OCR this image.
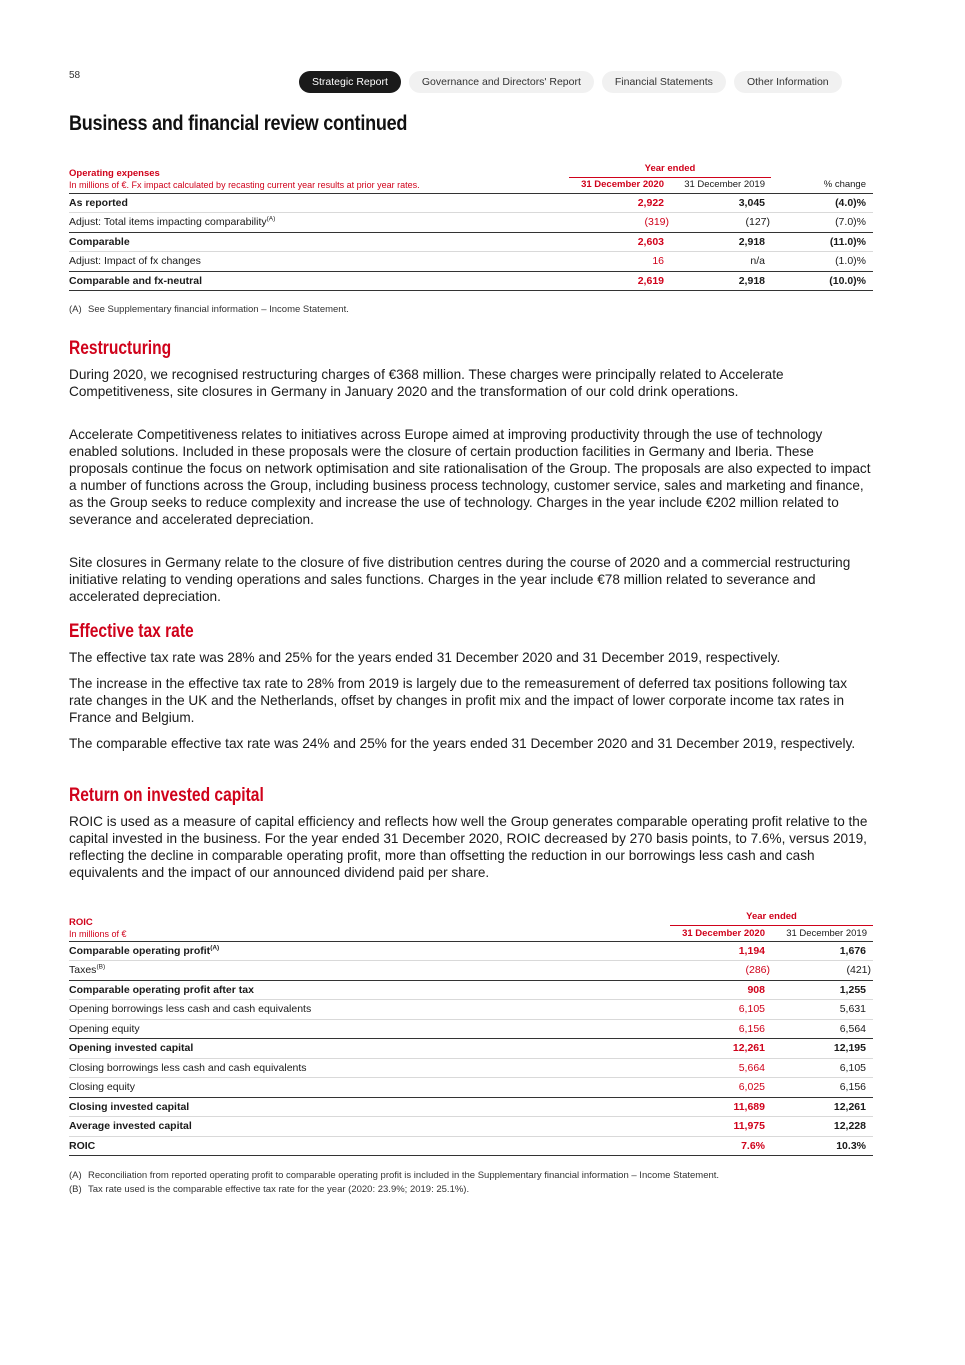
58
Strategic Report	Governance and Directors' Report	Financial Statements	Other Information
Business and financial review continued
Operating expenses
In millions of €. Fx impact calculated by recasting current year results at prior year rates.
Year ended
31 December 2020	31 December 2019	% change
As reported	2,922	3,045	(4.0)%
Adjust: Total items impacting comparability$^{(A)}$	(319)	(127)	(7.0)%
Comparable	2,603	2,918	(11.0)%
Adjust: Impact of fx changes	16	n/a	(1.0)%
Comparable and fx-neutral	2,619	2,918	(10.0)%
(A) See Supplementary financial information – Income Statement.
Restructuring

During 2020, we recognised restructuring charges of €368 million. These charges were principally related to Accelerate Competitiveness, site closures in Germany in January 2020 and the transformation of our cold drink operations.

Accelerate Competitiveness relates to initiatives across Europe aimed at improving productivity through the use of technology enabled solutions. Included in these proposals were the closure of certain production facilities in Germany and Iberia. These proposals continue the focus on network optimisation and site rationalisation of the Group. The proposals are also expected to impact a number of functions across the Group, including business process technology, customer service, sales and marketing and finance, as the Group seeks to reduce complexity and increase the use of technology. Charges in the year include €202 million related to severance and accelerated depreciation.

Site closures in Germany relate to the closure of five distribution centres during the course of 2020 and a commercial restructuring initiative relating to vending operations and sales functions. Charges in the year include €78 million related to severance and accelerated depreciation.

Effective tax rate

The effective tax rate was 28% and 25% for the years ended 31 December 2020 and 31 December 2019, respectively.

The increase in the effective tax rate to 28% from 2019 is largely due to the remeasurement of deferred tax positions following tax rate changes in the UK and the Netherlands, offset by changes in profit mix and the impact of lower corporate income tax rates in France and Belgium.

The comparable effective tax rate was 24% and 25% for the years ended 31 December 2020 and 31 December 2019, respectively.

Return on invested capital

ROIC is used as a measure of capital efficiency and reflects how well the Group generates comparable operating profit relative to the capital invested in the business. For the year ended 31 December 2020, ROIC decreased by 270 basis points, to 7.6%, versus 2019, reflecting the decline in comparable operating profit, more than offsetting the reduction in our borrowings less cash and cash equivalents and the impact of our announced dividend paid per share.

ROIC
In millions of €
Year ended
31 December 2020	31 December 2019
Comparable operating profit$^{(A)}$	1,194	1,676
Taxes$^{(B)}$	(286)	(421)
Comparable operating profit after tax	908	1,255
Opening borrowings less cash and cash equivalents	6,105	5,631
Opening equity	6,156	6,564
Opening invested capital	12,261	12,195
Closing borrowings less cash and cash equivalents	5,664	6,105
Closing equity	6,025	6,156
Closing invested capital	11,689	12,261
Average invested capital	11,975	12,228
ROIC	7.6%	10.3%
(A) Reconciliation from reported operating profit to comparable operating profit is included in the Supplementary financial information – Income Statement.
(B) Tax rate used is the comparable effective tax rate for the year (2020: 23.9%; 2019: 25.1%).
